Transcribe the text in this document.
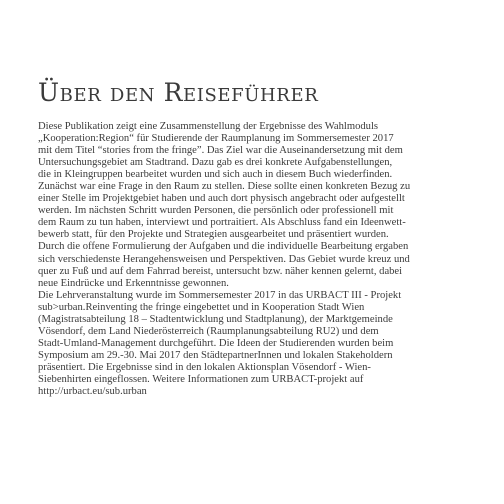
Über den Reiseführer
Diese Publikation zeigt eine Zusammenstellung der Ergebnisse des Wahlmoduls
„Kooperation:Region“ für Studierende der Raumplanung im Sommersemester 2017
mit dem Titel “stories from the fringe”. Das Ziel war die Auseinandersetzung mit dem
Untersuchungsgebiet am Stadtrand. Dazu gab es drei konkrete Aufgabenstellungen,
die in Kleingruppen bearbeitet wurden und sich auch in diesem Buch wiederfinden.
Zunächst war eine Frage in den Raum zu stellen. Diese sollte einen konkreten Bezug zu
einer Stelle im Projektgebiet haben und auch dort physisch angebracht oder aufgestellt
werden. Im nächsten Schritt wurden Personen, die persönlich oder professionell mit
dem Raum zu tun haben, interviewt und portraitiert. Als Abschluss fand ein Ideenwett-
bewerb statt, für den Projekte und Strategien ausgearbeitet und präsentiert wurden.
Durch die offene Formulierung der Aufgaben und die individuelle Bearbeitung ergaben
sich verschiedenste Herangehensweisen und Perspektiven. Das Gebiet wurde kreuz und
quer zu Fuß und auf dem Fahrrad bereist, untersucht bzw. näher kennen gelernt, dabei
neue Eindrücke und Erkenntnisse gewonnen.
Die Lehrveranstaltung wurde im Sommersemester 2017 in das URBACT III - Projekt
sub>urban.Reinventing the fringe eingebettet und in Kooperation Stadt Wien
(Magistratsabteilung 18 – Stadtentwicklung und Stadtplanung), der Marktgemeinde
Vösendorf, dem Land Niederösterreich (Raumplanungsabteilung RU2) und dem
Stadt-Umland-Management durchgeführt. Die Ideen der Studierenden wurden beim
Symposium am 29.-30. Mai 2017 den StädtepartnerInnen und lokalen Stakeholdern
präsentiert. Die Ergebnisse sind in den lokalen Aktionsplan Vösendorf - Wien-
Siebenhirten eingeflossen. Weitere Informationen zum URBACT-projekt auf
http://urbact.eu/sub.urban
